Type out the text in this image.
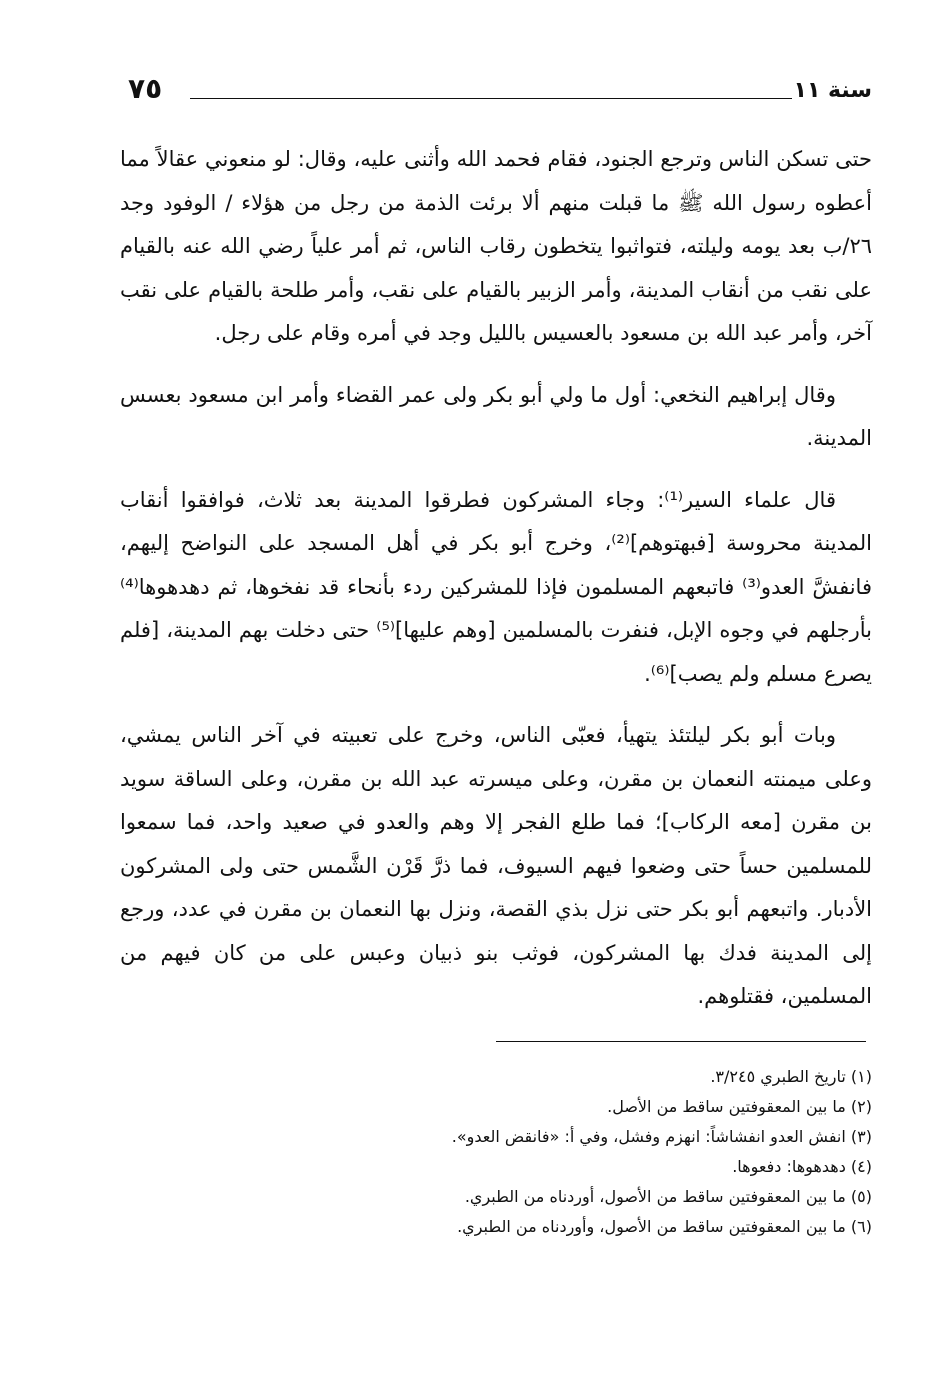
سنة ١١
٧٥

حتى تسكن الناس وترجع الجنود، فقام فحمد الله وأثنى عليه، وقال: لو منعوني عقالاً مما أعطوه رسول الله ﷺ ما قبلت منهم ألا برئت الذمة من رجل من هؤلاء / الوفود وجد ٢٦/ب بعد يومه وليلته، فتواثبوا يتخطون رقاب الناس، ثم أمر علياً رضي الله عنه بالقيام على نقب من أنقاب المدينة، وأمر الزبير بالقيام على نقب، وأمر طلحة بالقيام على نقب آخر، وأمر عبد الله بن مسعود بالعسيس بالليل وجد في أمره وقام على رجل.

وقال إبراهيم النخعي: أول ما ولي أبو بكر ولى عمر القضاء وأمر ابن مسعود بعسس المدينة.

قال علماء السير⁽¹⁾: وجاء المشركون فطرقوا المدينة بعد ثلاث، فوافقوا أنقاب المدينة محروسة [فبهتوهم]⁽²⁾، وخرج أبو بكر في أهل المسجد على النواضح إليهم، فانفشَّ العدو⁽³⁾ فاتبعهم المسلمون فإذا للمشركين ردء بأنحاء قد نفخوها، ثم دهدهوها⁽⁴⁾ بأرجلهم في وجوه الإبل، فنفرت بالمسلمين [وهم عليها]⁽⁵⁾ حتى دخلت بهم المدينة، [فلم يصرع مسلم ولم يصب]⁽⁶⁾.

وبات أبو بكر ليلتئذ يتهيأ، فعبّى الناس، وخرج على تعبيته في آخر الناس يمشي، وعلى ميمنته النعمان بن مقرن، وعلى ميسرته عبد الله بن مقرن، وعلى الساقة سويد بن مقرن [معه الركاب]؛ فما طلع الفجر إلا وهم والعدو في صعيد واحد، فما سمعوا للمسلمين حساً حتى وضعوا فيهم السيوف، فما ذرَّ قَرْن الشَّمس حتى ولى المشركون الأدبار. واتبعهم أبو بكر حتى نزل بذي القصة، ونزل بها النعمان بن مقرن في عدد، ورجع إلى المدينة فدك بها المشركون، فوثب بنو ذبيان وعبس على من كان فيهم من المسلمين، فقتلوهم.

(١) تاريخ الطبري ٣/٢٤٥.
(٢) ما بين المعقوفتين ساقط من الأصل.
(٣) انفش العدو انفشاشاً: انهزم وفشل، وفي أ: «فانقض العدو».
(٤) دهدهوها: دفعوها.
(٥) ما بين المعقوفتين ساقط من الأصول، أوردناه من الطبري.
(٦) ما بين المعقوفتين ساقط من الأصول، وأوردناه من الطبري.
